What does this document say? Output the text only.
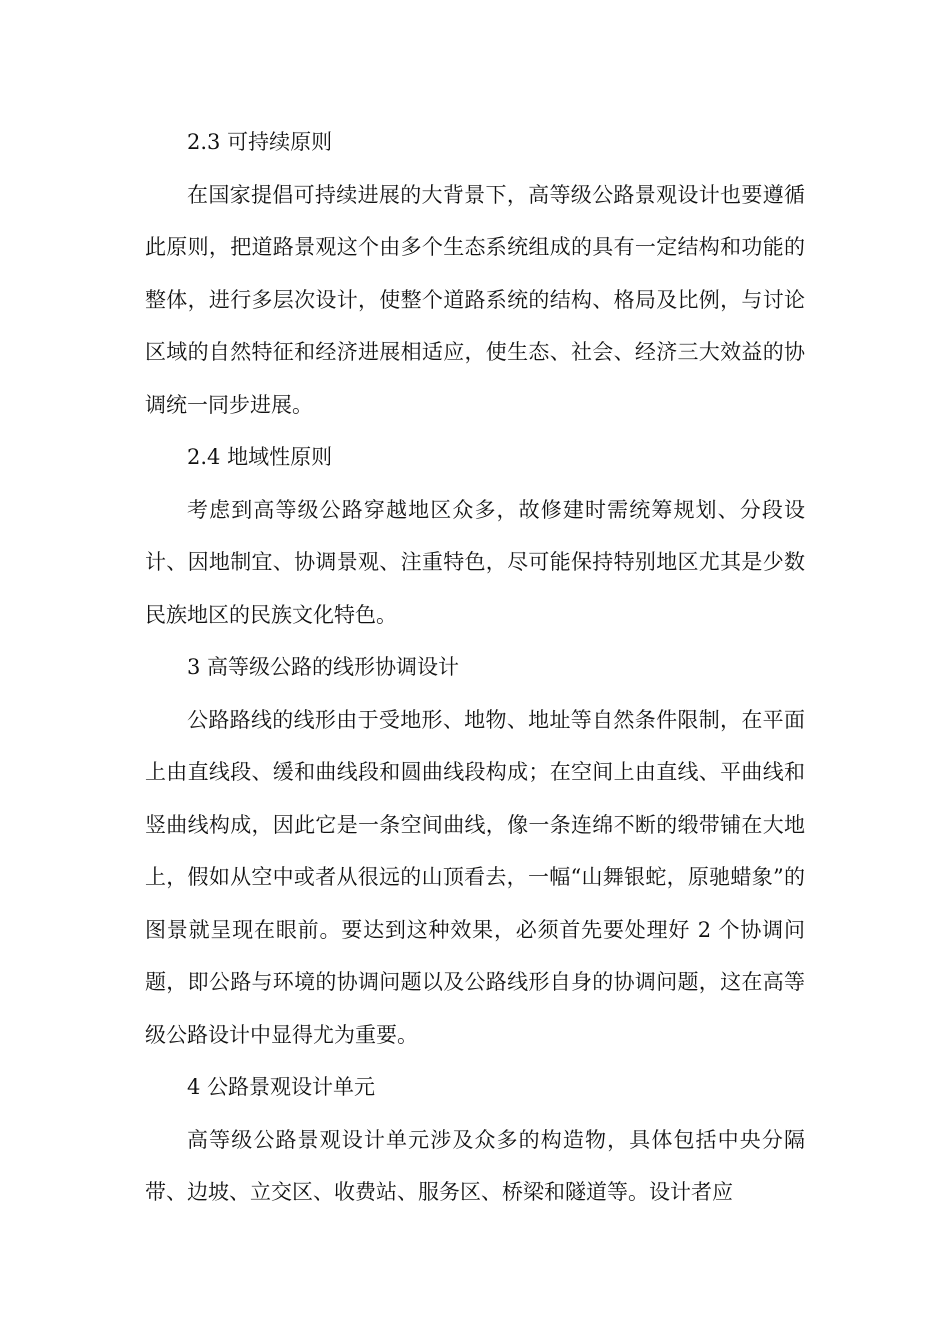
2.3 可持续原则

在国家提倡可持续进展的大背景下，高等级公路景观设计也要遵循此原则，把道路景观这个由多个生态系统组成的具有一定结构和功能的整体，进行多层次设计，使整个道路系统的结构、格局及比例，与讨论区域的自然特征和经济进展相适应，使生态、社会、经济三大效益的协调统一同步进展。

2.4 地域性原则

考虑到高等级公路穿越地区众多，故修建时需统筹规划、分段设计、因地制宜、协调景观、注重特色，尽可能保持特别地区尤其是少数民族地区的民族文化特色。

3 高等级公路的线形协调设计

公路路线的线形由于受地形、地物、地址等自然条件限制，在平面上由直线段、缓和曲线段和圆曲线段构成；在空间上由直线、平曲线和竖曲线构成，因此它是一条空间曲线，像一条连绵不断的缎带铺在大地上，假如从空中或者从很远的山顶看去，一幅“山舞银蛇，原驰蜡象”的图景就呈现在眼前。要达到这种效果，必须首先要处理好 2 个协调问题，即公路与环境的协调问题以及公路线形自身的协调问题，这在高等级公路设计中显得尤为重要。

4 公路景观设计单元

高等级公路景观设计单元涉及众多的构造物，具体包括中央分隔带、边坡、立交区、收费站、服务区、桥梁和隧道等。设计者应
